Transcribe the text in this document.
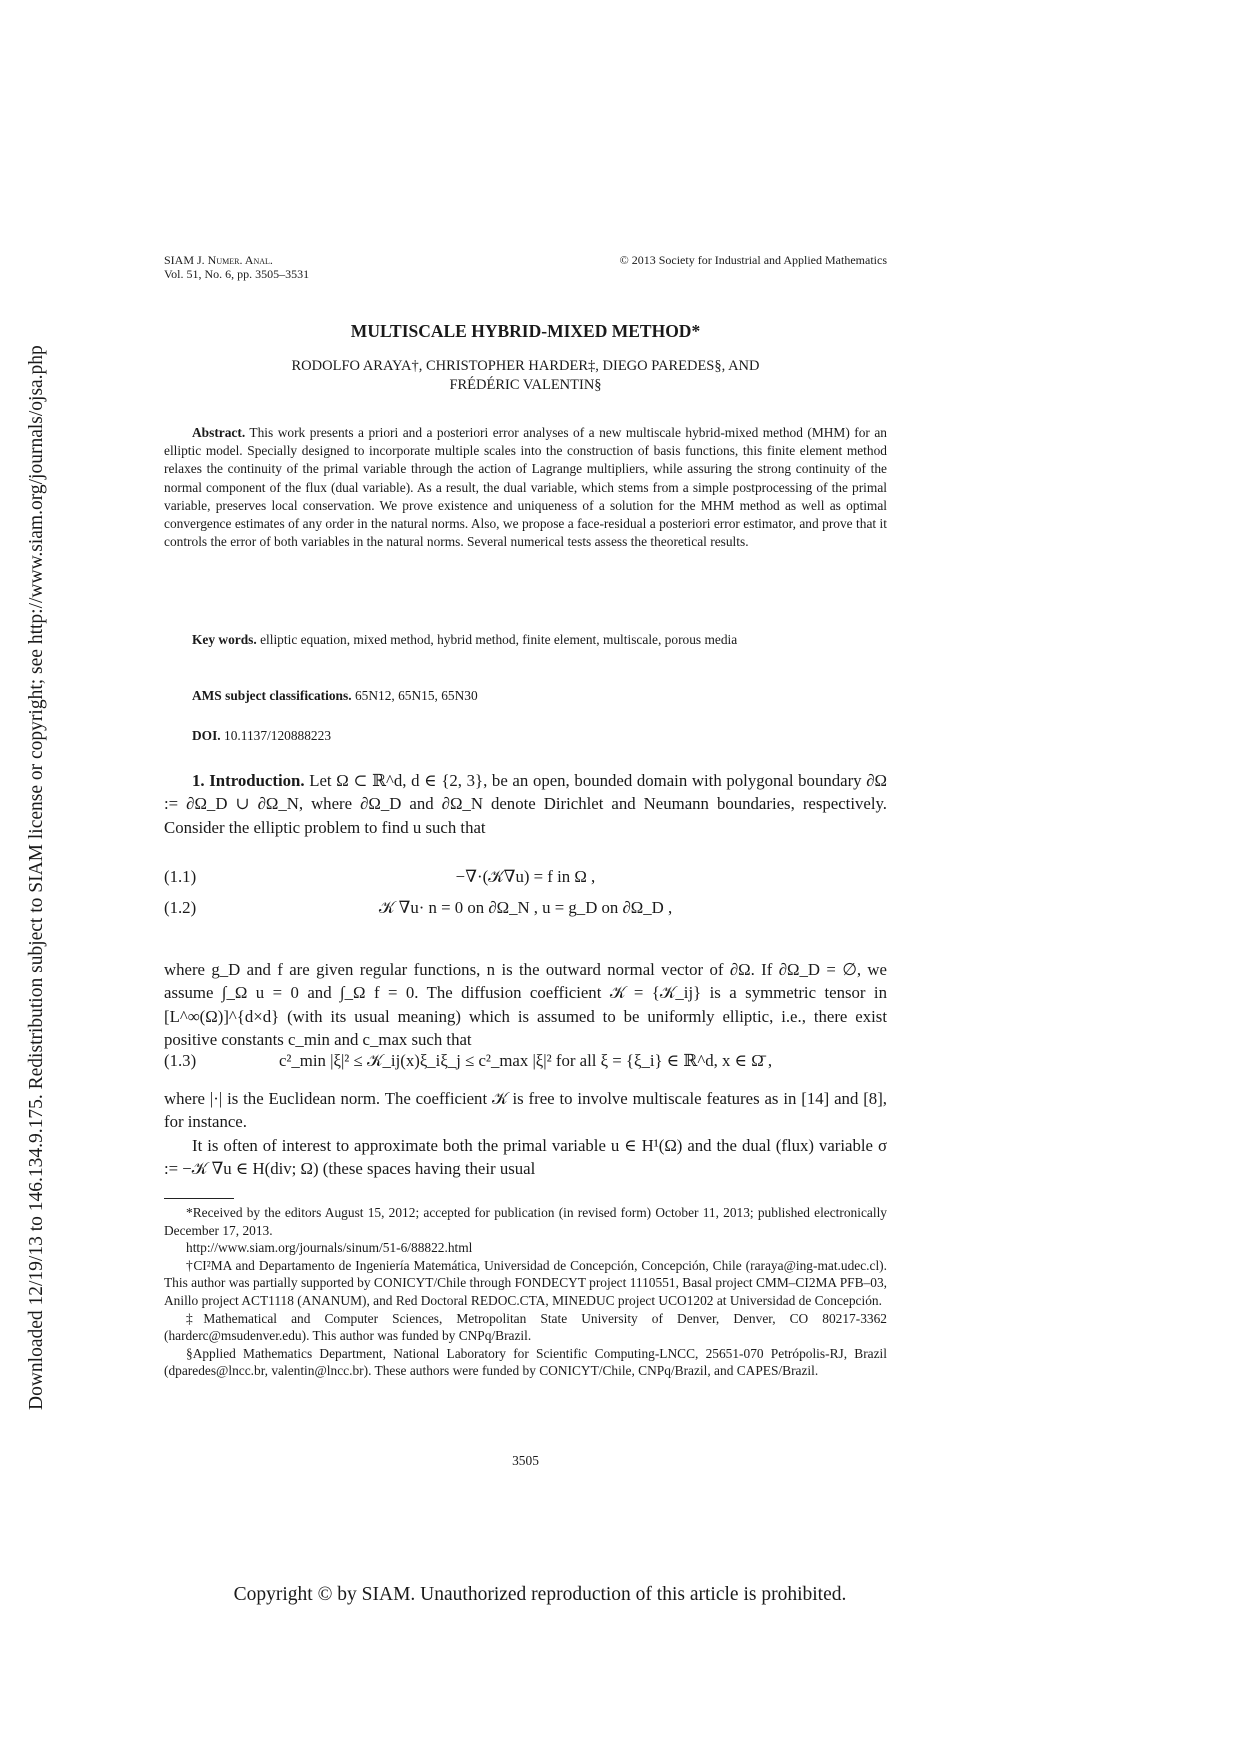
Downloaded 12/19/13 to 146.134.9.175. Redistribution subject to SIAM license or copyright; see http://www.siam.org/journals/ojsa.php
SIAM J. Numer. Anal.
Vol. 51, No. 6, pp. 3505–3531
© 2013 Society for Industrial and Applied Mathematics
MULTISCALE HYBRID-MIXED METHOD*
RODOLFO ARAYA†, CHRISTOPHER HARDER‡, DIEGO PAREDES§, AND
FRÉDÉRIC VALENTIN§

Abstract. This work presents a priori and a posteriori error analyses of a new multiscale hybrid-mixed method (MHM) for an elliptic model. Specially designed to incorporate multiple scales into the construction of basis functions, this finite element method relaxes the continuity of the primal variable through the action of Lagrange multipliers, while assuring the strong continuity of the normal component of the flux (dual variable). As a result, the dual variable, which stems from a simple postprocessing of the primal variable, preserves local conservation. We prove existence and uniqueness of a solution for the MHM method as well as optimal convergence estimates of any order in the natural norms. Also, we propose a face-residual a posteriori error estimator, and prove that it controls the error of both variables in the natural norms. Several numerical tests assess the theoretical results.

Key words. elliptic equation, mixed method, hybrid method, finite element, multiscale, porous media

AMS subject classifications. 65N12, 65N15, 65N30

DOI. 10.1137/120888223

1. Introduction. Let Ω ⊂ ℝ^d, d ∈ {2, 3}, be an open, bounded domain with polygonal boundary ∂Ω := ∂Ω_D ∪ ∂Ω_N, where ∂Ω_D and ∂Ω_N denote Dirichlet and Neumann boundaries, respectively. Consider the elliptic problem to find u such that

−∇·(𝒦∇u) = f in Ω ,
(1.1)
𝒦 ∇u· n = 0 on ∂Ω_N , u = g_D on ∂Ω_D ,
(1.2)

where g_D and f are given regular functions, n is the outward normal vector of ∂Ω. If ∂Ω_D = ∅, we assume ∫_Ω u = 0 and ∫_Ω f = 0. The diffusion coefficient 𝒦 = {𝒦_ij} is a symmetric tensor in [L^∞(Ω)]^{d×d} (with its usual meaning) which is assumed to be uniformly elliptic, i.e., there exist positive constants c_min and c_max such that

c²_min |ξ|² ≤ 𝒦_ij(x)ξ_iξ_j ≤ c²_max |ξ|² for all ξ = {ξ_i} ∈ ℝ^d, x ∈ Ω̄ ,
(1.3)

where |·| is the Euclidean norm. The coefficient 𝒦 is free to involve multiscale features as in [14] and [8], for instance.

It is often of interest to approximate both the primal variable u ∈ H¹(Ω) and the dual (flux) variable σ := −𝒦 ∇u ∈ H(div; Ω) (these spaces having their usual

*Received by the editors August 15, 2012; accepted for publication (in revised form) October 11, 2013; published electronically December 17, 2013.

http://www.siam.org/journals/sinum/51-6/88822.html

†CI²MA and Departamento de Ingeniería Matemática, Universidad de Concepción, Concepción, Chile (raraya@ing-mat.udec.cl). This author was partially supported by CONICYT/Chile through FONDECYT project 1110551, Basal project CMM–CI2MA PFB–03, Anillo project ACT1118 (ANANUM), and Red Doctoral REDOC.CTA, MINEDUC project UCO1202 at Universidad de Concepción.

‡Mathematical and Computer Sciences, Metropolitan State University of Denver, Denver, CO 80217-3362 (harderc@msudenver.edu). This author was funded by CNPq/Brazil.

§Applied Mathematics Department, National Laboratory for Scientific Computing-LNCC, 25651-070 Petrópolis-RJ, Brazil (dparedes@lncc.br, valentin@lncc.br). These authors were funded by CONICYT/Chile, CNPq/Brazil, and CAPES/Brazil.

3505
Copyright © by SIAM. Unauthorized reproduction of this article is prohibited.
